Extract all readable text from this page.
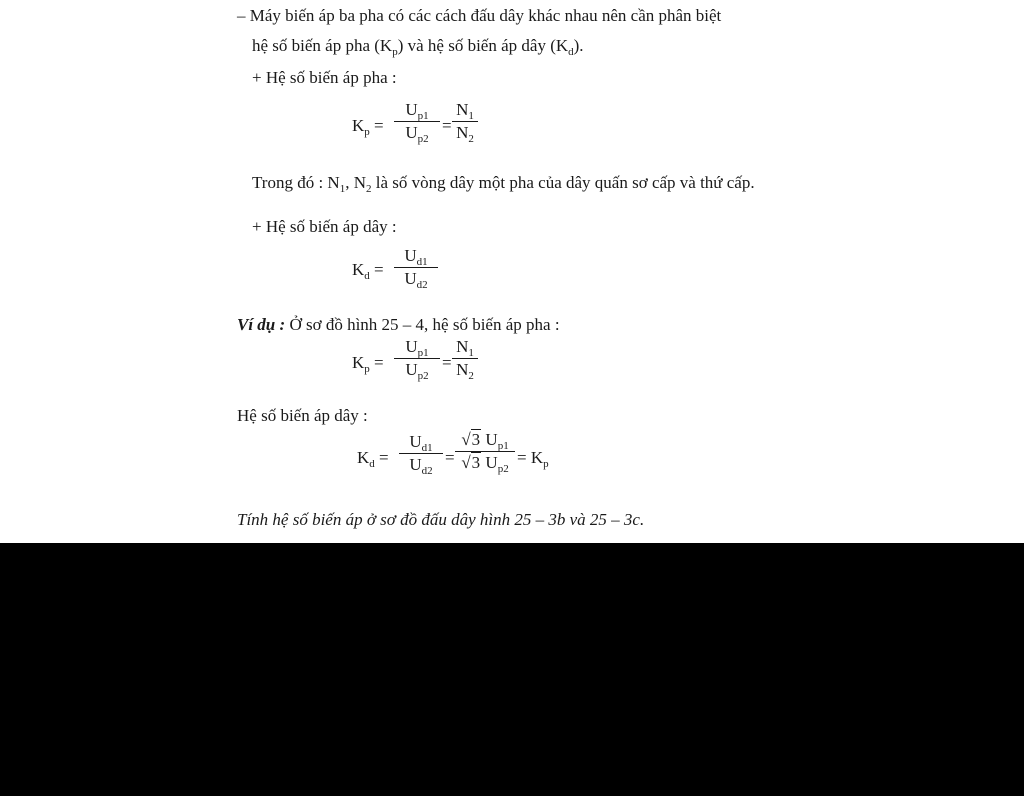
– Máy biến áp ba pha có các cách đấu dây khác nhau nên cần phân biệt
hệ số biến áp pha $(K_p)$ và hệ số biến áp dây $(K_d)$.
+ Hệ số biến áp pha :
$K_p$ =
$U_{p1}$
$U_{p2}$
=
$N_1$
$N_2$
Trong đó : $N_1$, $N_2$ là số vòng dây một pha của dây quấn sơ cấp và thứ cấp.
+ Hệ số biến áp dây :
$K_d$ =
$U_{d1}$
$U_{d2}$
Ví dụ : Ở sơ đồ hình 25 – 4, hệ số biến áp pha :
$K_p$ =
$U_{p1}$
$U_{p2}$
=
$N_1$
$N_2$
Hệ số biến áp dây :
$K_d$ =
$U_{d1}$
$U_{d2}$
=
√3 $U_{p1}$
√3 $U_{p2}$
= $K_p$
Tính hệ số biến áp ở sơ đồ đấu dây hình 25 – 3b và 25 – 3c.
